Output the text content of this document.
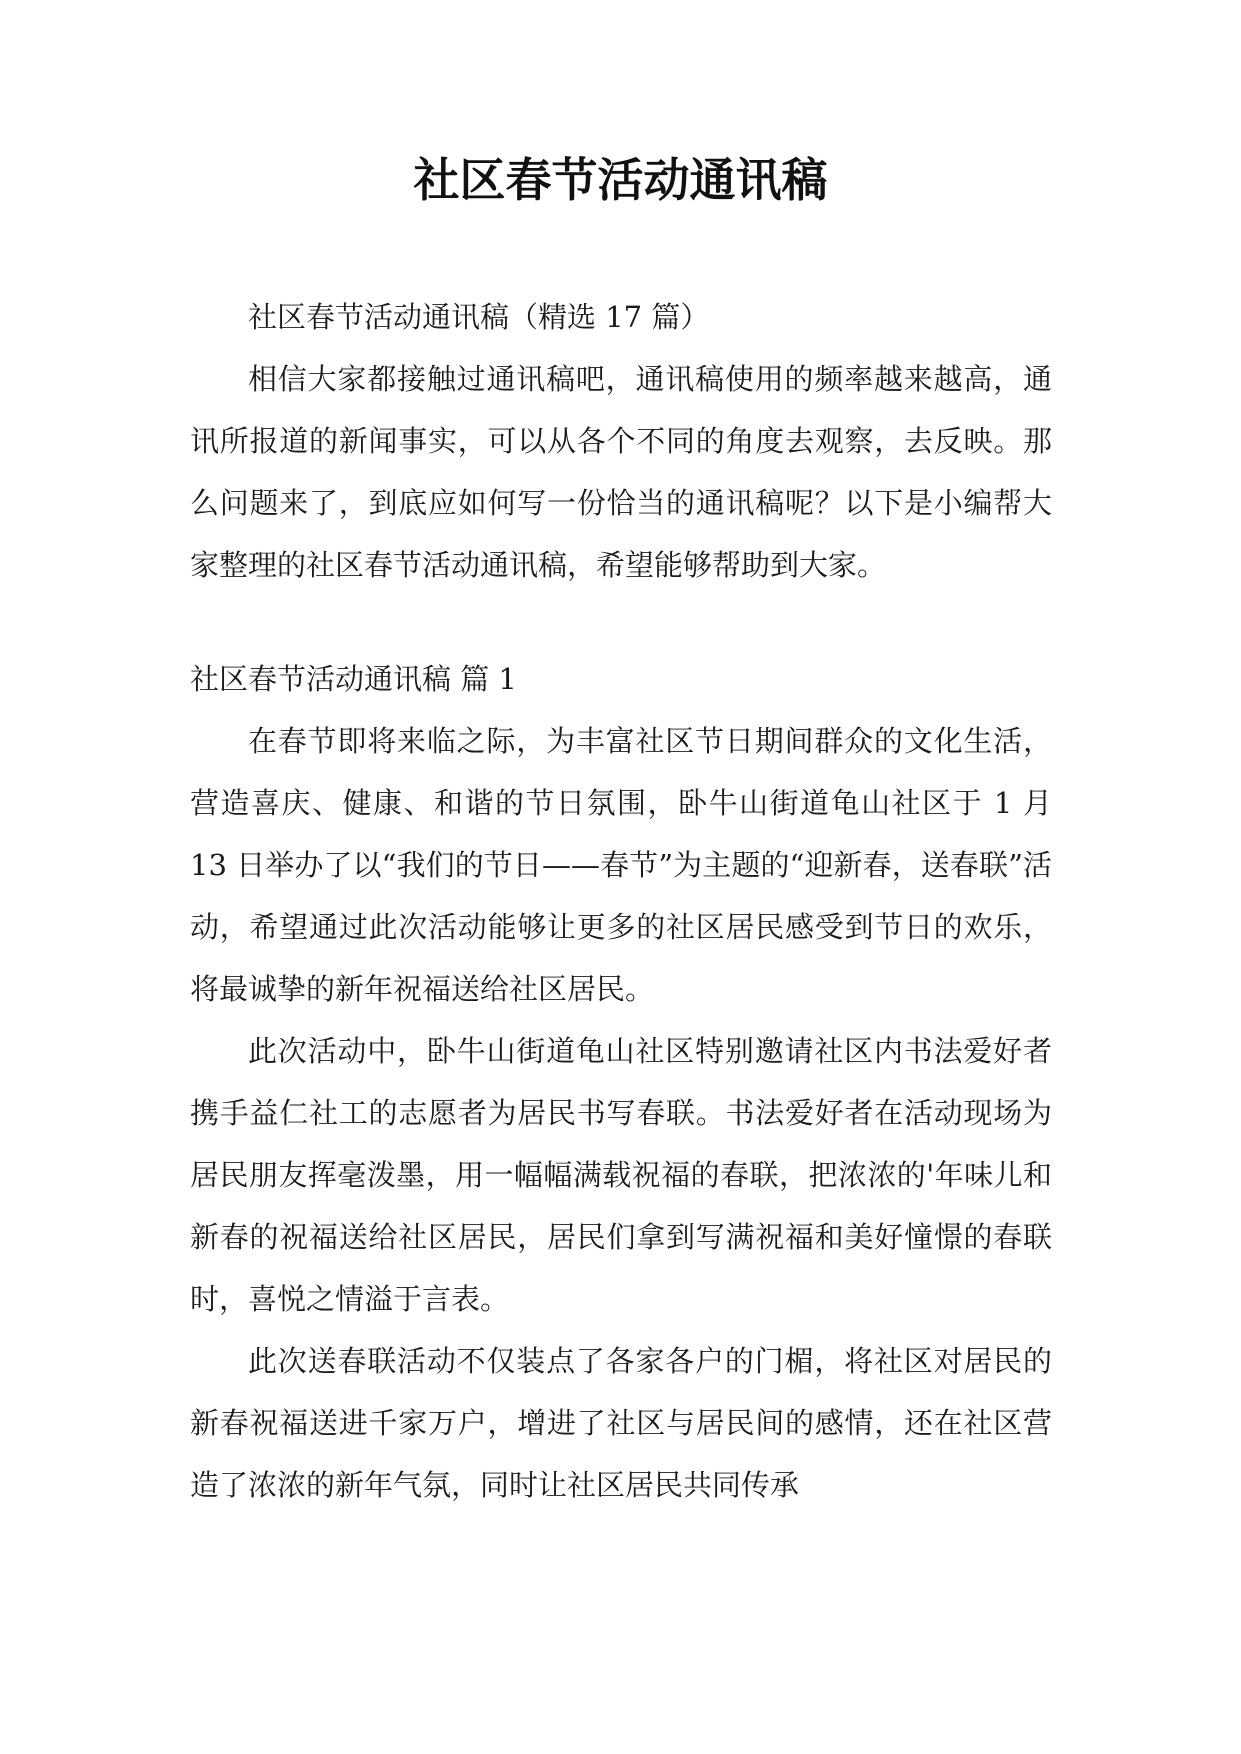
社区春节活动通讯稿

社区春节活动通讯稿（精选 17 篇）

相信大家都接触过通讯稿吧，通讯稿使用的频率越来越高，通讯所报道的新闻事实，可以从各个不同的角度去观察，去反映。那么问题来了，到底应如何写一份恰当的通讯稿呢？以下是小编帮大家整理的社区春节活动通讯稿，希望能够帮助到大家。

社区春节活动通讯稿 篇 1

在春节即将来临之际，为丰富社区节日期间群众的文化生活，营造喜庆、健康、和谐的节日氛围，卧牛山街道龟山社区于 1 月 13 日举办了以“我们的节日——春节”为主题的“迎新春，送春联”活动，希望通过此次活动能够让更多的社区居民感受到节日的欢乐，将最诚挚的新年祝福送给社区居民。

此次活动中，卧牛山街道龟山社区特别邀请社区内书法爱好者携手益仁社工的志愿者为居民书写春联。书法爱好者在活动现场为居民朋友挥毫泼墨，用一幅幅满载祝福的春联，把浓浓的'年味儿和新春的祝福送给社区居民，居民们拿到写满祝福和美好憧憬的春联时，喜悦之情溢于言表。

此次送春联活动不仅装点了各家各户的门楣，将社区对居民的新春祝福送进千家万户，增进了社区与居民间的感情，还在社区营造了浓浓的新年气氛，同时让社区居民共同传承
